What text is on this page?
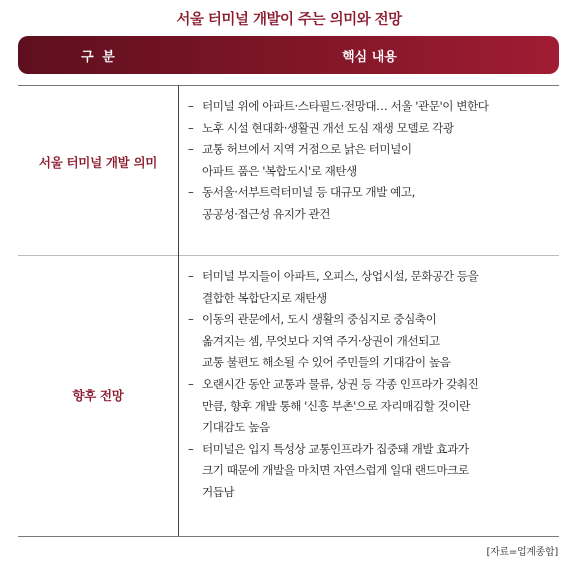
서울 터미널 개발이 주는 의미와 전망
구 분	핵심 내용
서울 터미널 개발 의미
향후 전망
– 터미널 위에 아파트·스타필드·전망대… 서울 '관문'이 변한다
– 노후 시설 현대화·생활권 개선 도심 재생 모델로 각광
– 교통 허브에서 지역 거점으로 낡은 터미널이
아파트 품은 '복합도시'로 재탄생
– 동서울·서부트럭터미널 등 대규모 개발 예고,
공공성·접근성 유지가 관건
– 터미널 부지들이 아파트, 오피스, 상업시설, 문화공간 등을
결합한 복합단지로 재탄생
– 이동의 관문에서, 도시 생활의 중심지로 중심축이
옮겨지는 셈, 무엇보다 지역 주거·상권이 개선되고
교통 불편도 해소될 수 있어 주민들의 기대감이 높음
– 오랜시간 동안 교통과 물류, 상권 등 각종 인프라가 갖춰진
만큼, 향후 개발 통해 '신흥 부촌'으로 자리매김할 것이란
기대감도 높음
– 터미널은 입지 특성상 교통인프라가 집중돼 개발 효과가
크기 때문에 개발을 마치면 자연스럽게 일대 랜드마크로
거듭남
[자료=업계종합]
